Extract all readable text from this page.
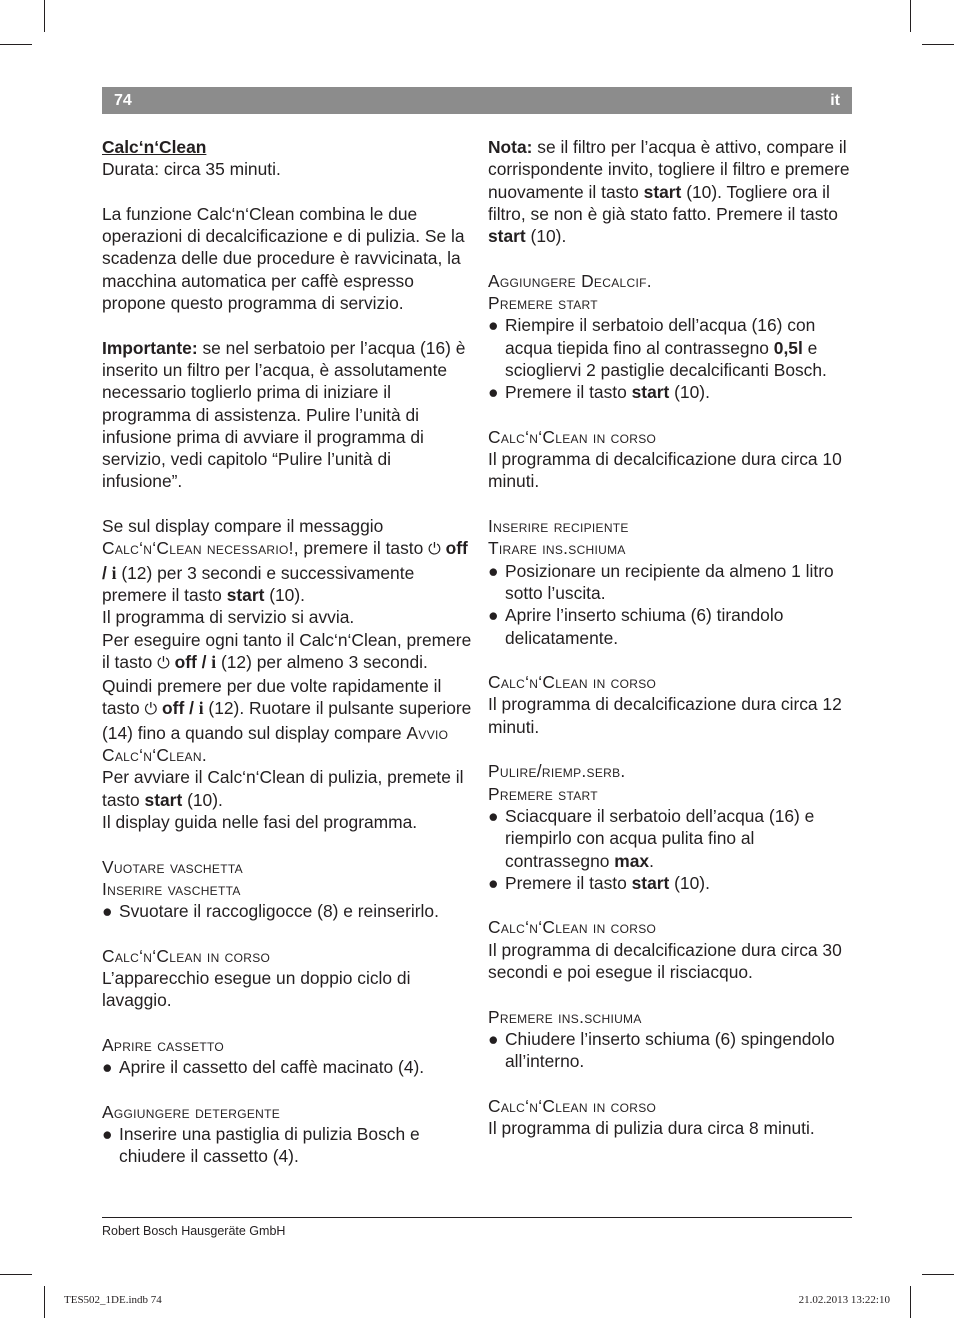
74	it

Calc‘n‘Clean

Durata: circa 35 minuti.

La funzione Calc‘n‘Clean combina le due operazioni di decalcificazione e di pulizia. Se la scadenza delle due procedure è ravvicinata, la macchina automatica per caffè espresso propone questo programma di servizio.

Importante: se nel serbatoio per l’acqua (16) è inserito un filtro per l’acqua, è assolutamente necessario toglierlo prima di iniziare il programma di assistenza. Pulire l’unità di infusione prima di avviare il programma di servizio, vedi capitolo “Pulire l’unità di infusione”.

Se sul display compare il messaggio Calc‘n‘Clean necessario!, premere il tasto ⏻ off / i (12) per 3 secondi e successivamente premere il tasto start (10).

Il programma di servizio si avvia.

Per eseguire ogni tanto il Calc‘n‘Clean, premere il tasto ⏻ off / i (12) per almeno 3 secondi. Quindi premere per due volte rapidamente il tasto ⏻ off / i (12). Ruotare il pulsante superiore (14) fino a quando sul display compare Avvio Calc‘n‘Clean.

Per avviare il Calc‘n‘Clean di pulizia, premete il tasto start (10).

Il display guida nelle fasi del programma.

Vuotare vaschetta

Inserire vaschetta

● Svuotare il raccogligocce (8) e reinserirlo.

Calc‘n‘Clean in corso

L’apparecchio esegue un doppio ciclo di lavaggio.

Aprire cassetto

● Aprire il cassetto del caffè macinato (4).

Aggiungere detergente

● Inserire una pastiglia di pulizia Bosch e chiudere il cassetto (4).

Nota: se il filtro per l’acqua è attivo, compare il corrispondente invito, togliere il filtro e premere nuovamente il tasto start (10). Togliere ora il filtro, se non è già stato fatto. Premere il tasto start (10).

Aggiungere Decalcif.

Premere start

● Riempire il serbatoio dell’acqua (16) con acqua tiepida fino al contrassegno 0,5l e sciogliervi 2 pastiglie decalcificanti Bosch.

● Premere il tasto start (10).

Calc‘n‘Clean in corso

Il programma di decalcificazione dura circa 10 minuti.

Inserire recipiente

Tirare ins.schiuma

● Posizionare un recipiente da almeno 1 litro sotto l’uscita.

● Aprire l’inserto schiuma (6) tirandolo delicatamente.

Calc‘n‘Clean in corso

Il programma di decalcificazione dura circa 12 minuti.

Pulire/riemp.serb.

Premere start

● Sciacquare il serbatoio dell’acqua (16) e riempirlo con acqua pulita fino al contrassegno max.

● Premere il tasto start (10).

Calc‘n‘Clean in corso

Il programma di decalcificazione dura circa 30 secondi e poi esegue il risciacquo.

Premere ins.schiuma

● Chiudere l’inserto schiuma (6) spingendolo all’interno.

Calc‘n‘Clean in corso

Il programma di pulizia dura circa 8 minuti.

Robert Bosch Hausgeräte GmbH
TES502_1DE.indb 74	21.02.2013 13:22:10
